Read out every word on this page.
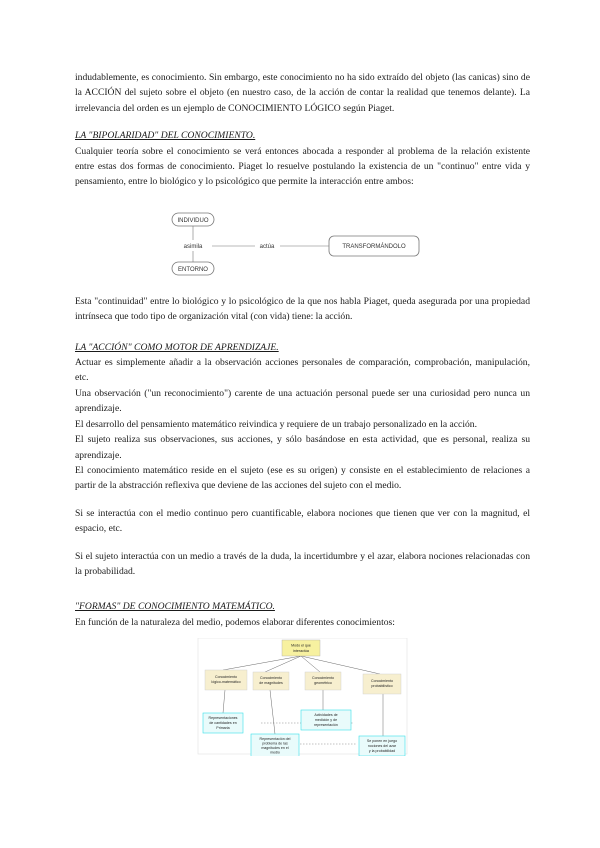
indudablemente, es conocimiento. Sin embargo, este conocimiento no ha sido extraído del objeto (las canicas) sino de la ACCIÓN del sujeto sobre el objeto (en nuestro caso, de la acción de contar la realidad que tenemos delante). La irrelevancia del orden es un ejemplo de CONOCIMIENTO LÓGICO según Piaget.

LA "BIPOLARIDAD" DEL CONOCIMIENTO.

Cualquier teoría sobre el conocimiento se verá entonces abocada a responder al problema de la relación existente entre estas dos formas de conocimiento. Piaget lo resuelve postulando la existencia de un "continuo" entre vida y pensamiento, entre lo biológico y lo psicológico que permite la interacción entre ambos:

INDIVIDUO
asimila
ENTORNO
actúa	TRANSFORMÁNDOLO

Esta "continuidad" entre lo biológico y lo psicológico de la que nos habla Piaget, queda asegurada por una propiedad intrínseca que todo tipo de organización vital (con vida) tiene: la acción.

LA "ACCIÓN" COMO MOTOR DE APRENDIZAJE.

Actuar es simplemente añadir a la observación acciones personales de comparación, comprobación, manipulación, etc.

Una observación ("un reconocimiento") carente de una actuación personal puede ser una curiosidad pero nunca un aprendizaje.

El desarrollo del pensamiento matemático reivindica y requiere de un trabajo personalizado en la acción.

El sujeto realiza sus observaciones, sus acciones, y sólo basándose en esta actividad, que es personal, realiza su aprendizaje.

El conocimiento matemático reside en el sujeto (ese es su origen) y consiste en el establecimiento de relaciones a partir de la abstracción reflexiva que deviene de las acciones del sujeto con el medio.

Si se interactúa con el medio continuo pero cuantificable, elabora nociones que tienen que ver con la magnitud, el espacio, etc.

Si el sujeto interactúa con un medio a través de la duda, la incertidumbre y el azar, elabora nociones relacionadas con la probabilidad.

"FORMAS" DE CONOCIMIENTO MATEMÁTICO.

En función de la naturaleza del medio, podemos elaborar diferentes conocimientos:

Modo el que
interactúa
Conocimiento
lógico-matemático
Conocimiento
de magnitudes
Conocimiento
geométrico	Conocimiento
probabilístico
Representaciones
de cantidades en
Primaria
Representación del
problema de las
magnitudes en el
medio
Actividades de
medición y de
representación
Se ponen en juego
nociones del azar
y la probabilidad
